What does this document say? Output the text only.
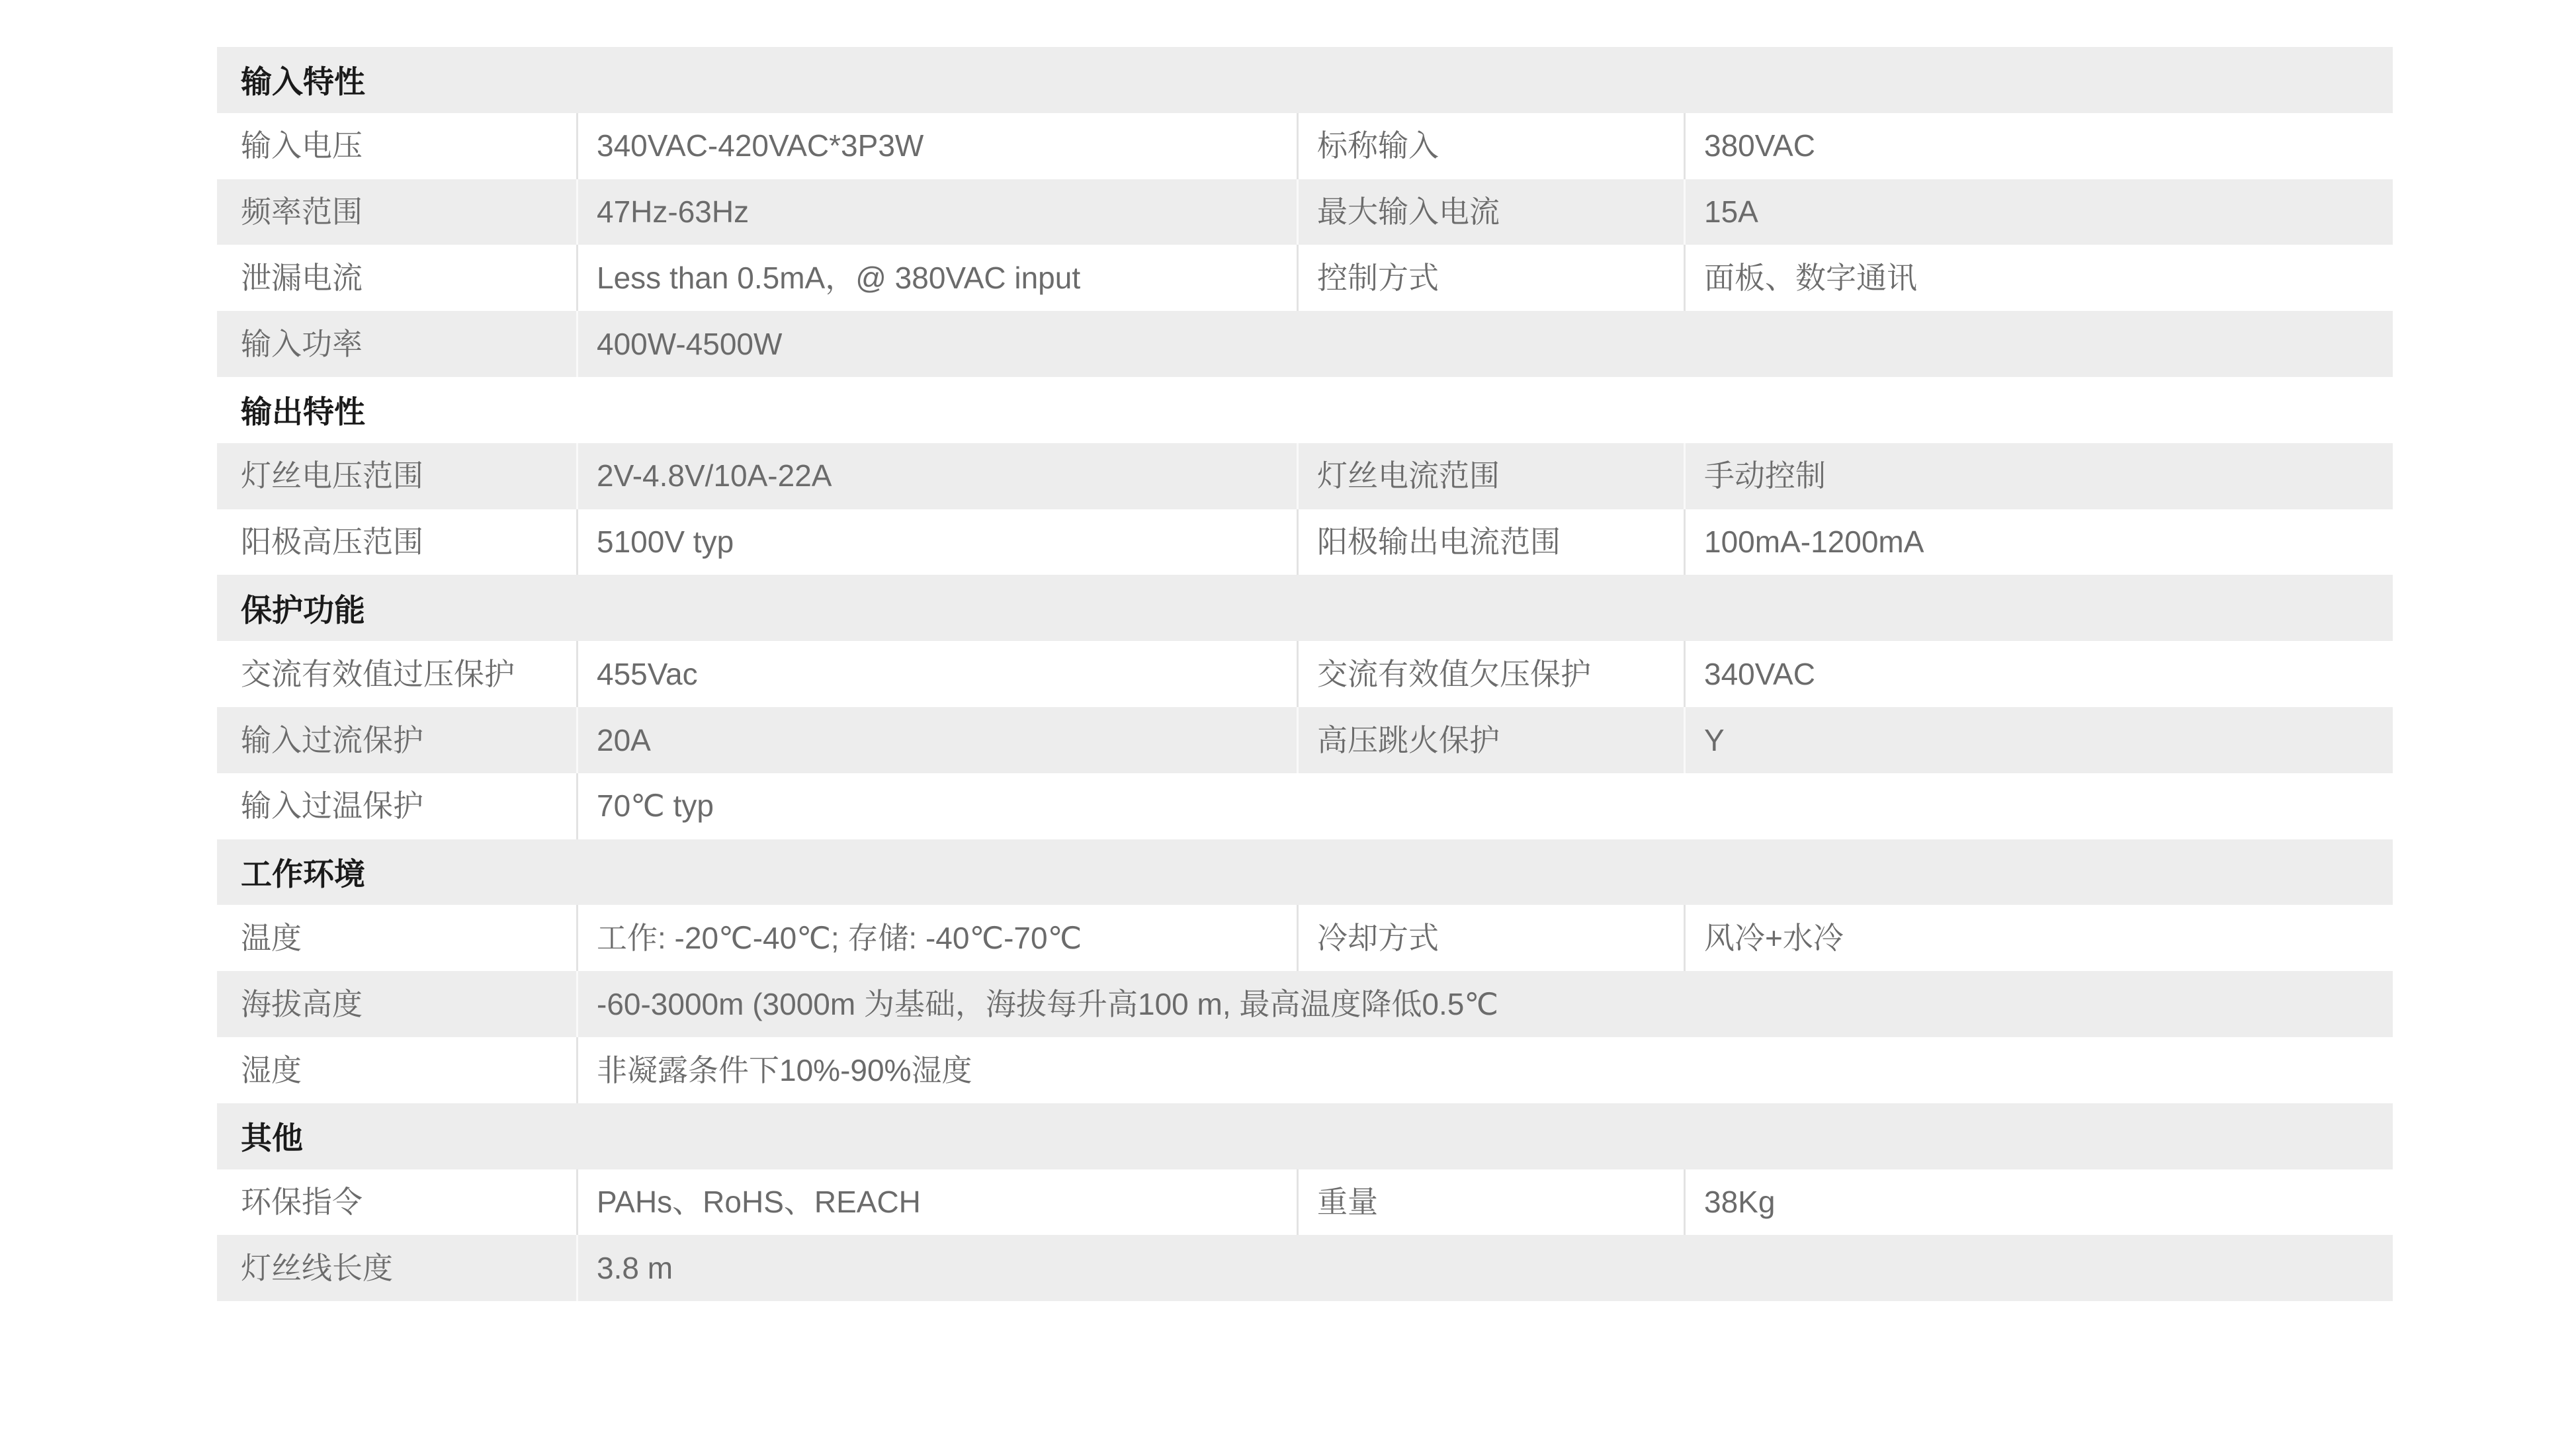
输入特性
输入电压	340VAC-420VAC*3P3W	标称输入	380VAC
频率范围	47Hz-63Hz	最大输入电流	15A
泄漏电流	Less than 0.5mA，@ 380VAC input	控制方式	面板、数字通讯
输入功率	400W-4500W
输出特性
灯丝电压范围	2V-4.8V/10A-22A	灯丝电流范围	手动控制
阳极高压范围	5100V typ	阳极输出电流范围	100mA-1200mA
保护功能
交流有效值过压保护	455Vac	交流有效值欠压保护	340VAC
输入过流保护	20A	高压跳火保护	Y
输入过温保护	70℃ typ
工作环境
温度	工作: -20℃-40℃; 存储: -40℃-70℃	冷却方式	风冷+水冷
海拔高度	-60-3000m (3000m 为基础，海拔每升高100 m, 最高温度降低0.5℃
湿度	非凝露条件下10%-90%湿度
其他
环保指令	PAHs、RoHS、REACH	重量	38Kg
灯丝线长度	3.8 m
